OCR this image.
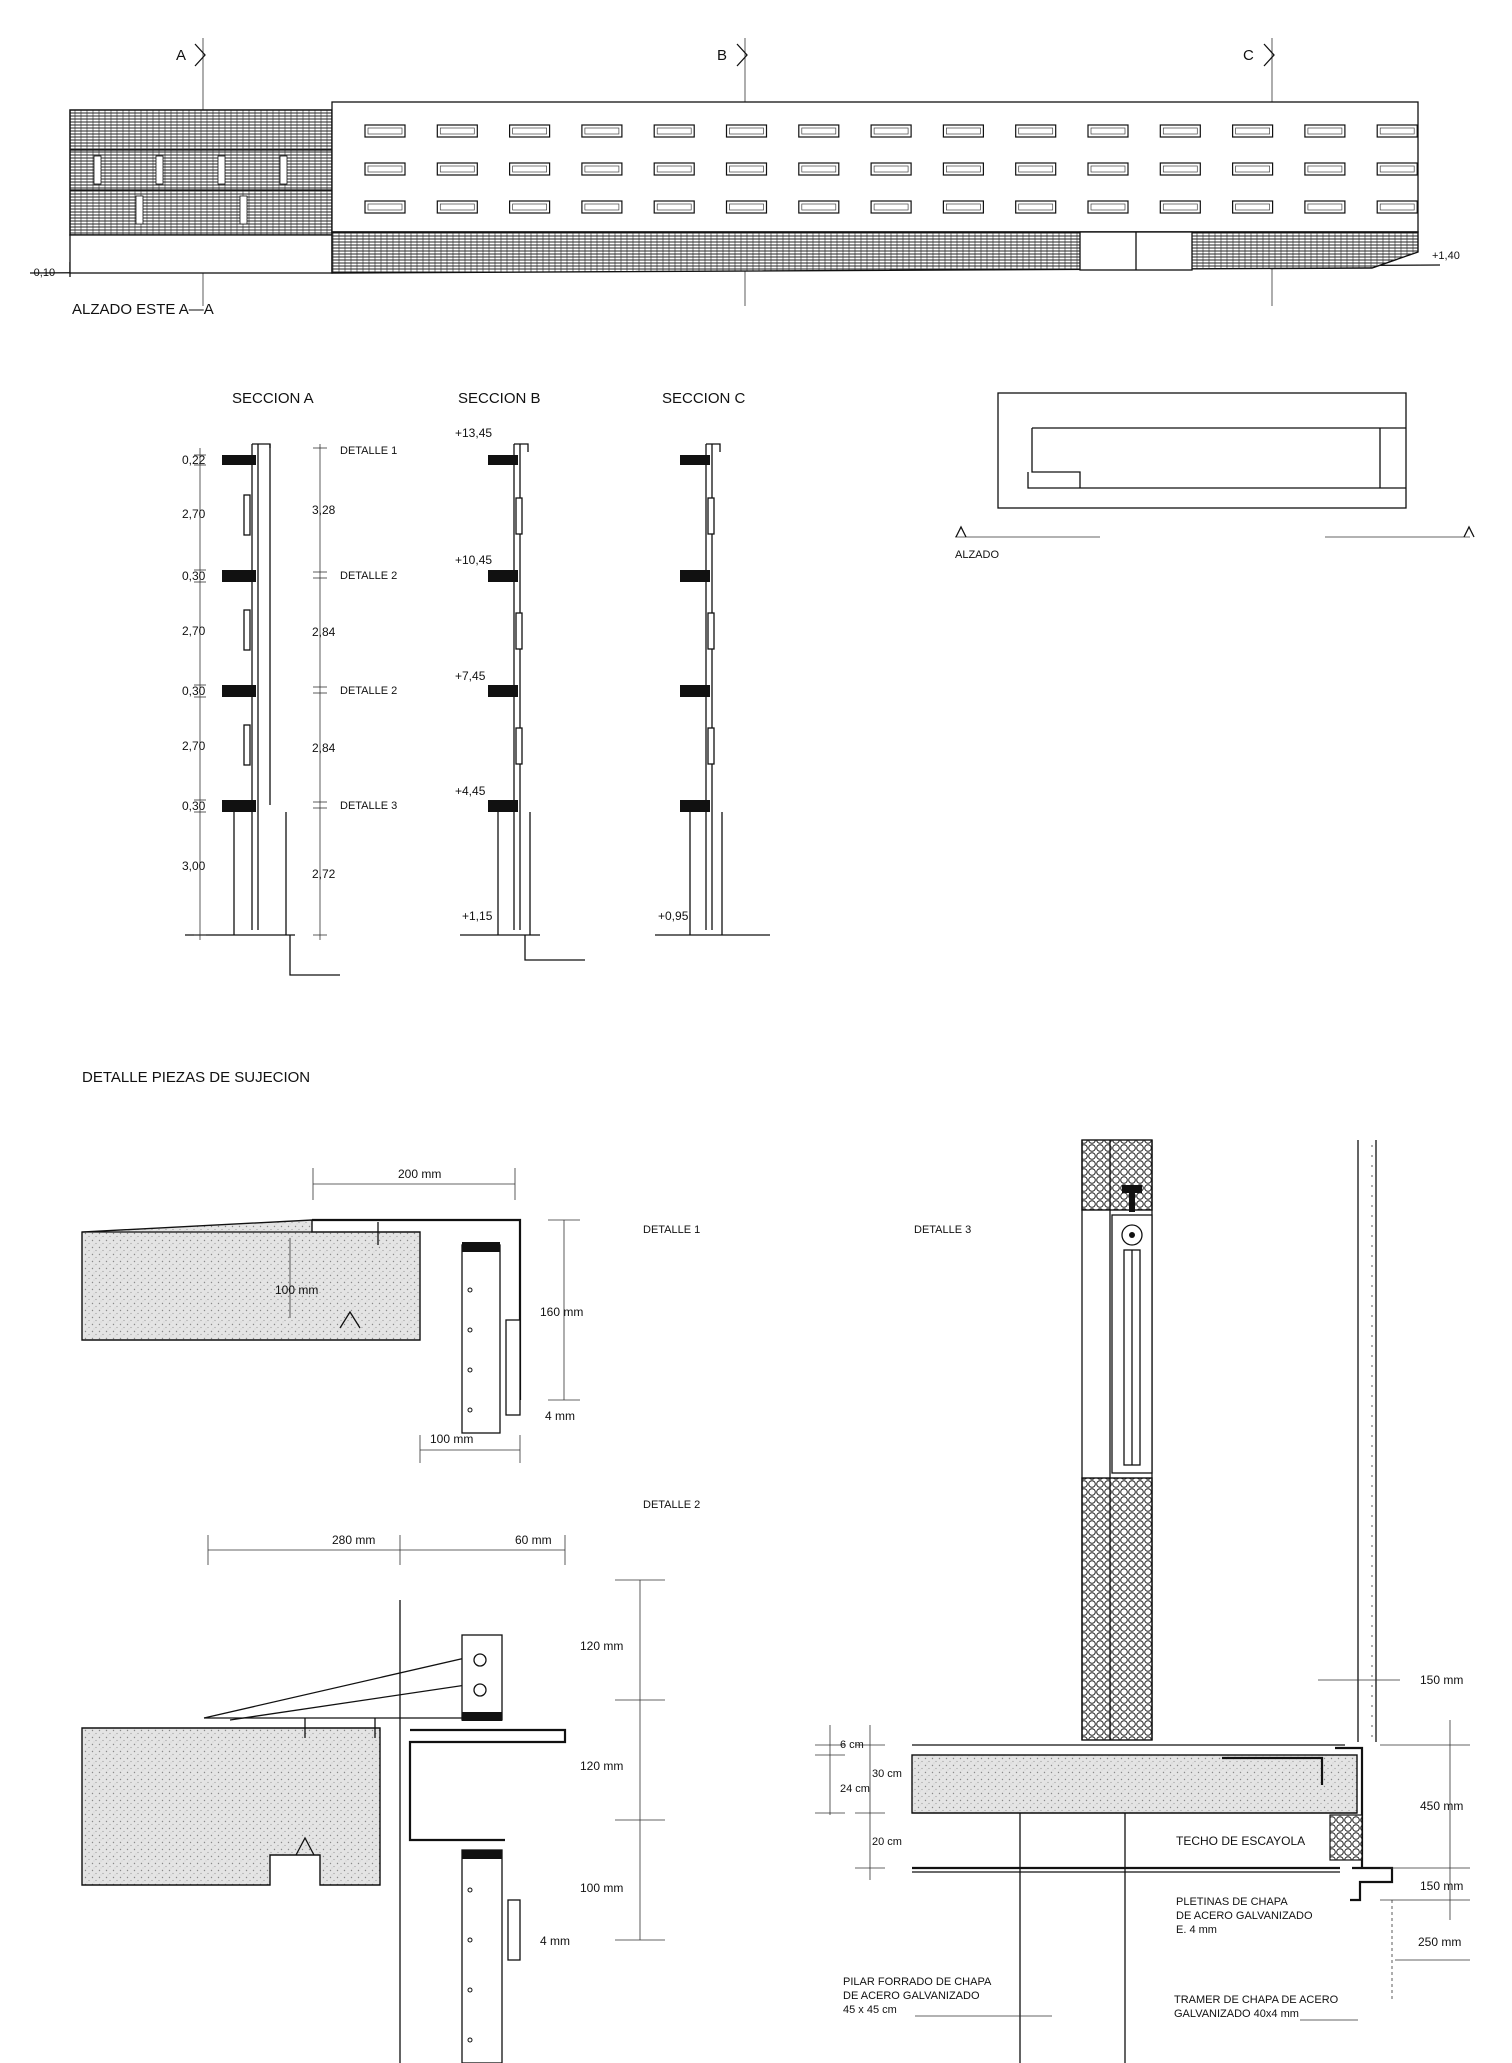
A	B	C
-0,10
+1,40
ALZADO ESTE A—A
SECCION A	SECCION B	SECCION C
0,22
2,70
0,30
2,70
0,30
2,70
0,30
3,00
3,28
2,84
2,84
2,72
DETALLE 1
DETALLE 2
DETALLE 2
DETALLE 3
+13,45
+10,45
+7,45
+4,45
+1,15	+0,95
ALZADO
DETALLE PIEZAS DE SUJECION
200 mm
100 mm
160 mm
4 mm
100 mm
DETALLE 1
280 mm	60 mm
120 mm
120 mm
100 mm
4 mm
DETALLE 2
DETALLE 3
TECHO DE ESCAYOLA
6 cm
30 cm
24 cm
20 cm
150 mm
450 mm
150 mm
250 mm
PLETINAS DE CHAPA
DE ACERO GALVANIZADO
E. 4 mm
PILAR FORRADO DE CHAPA
DE ACERO GALVANIZADO
45 x 45 cm
TRAMER DE CHAPA DE ACERO
GALVANIZADO 40x4 mm
